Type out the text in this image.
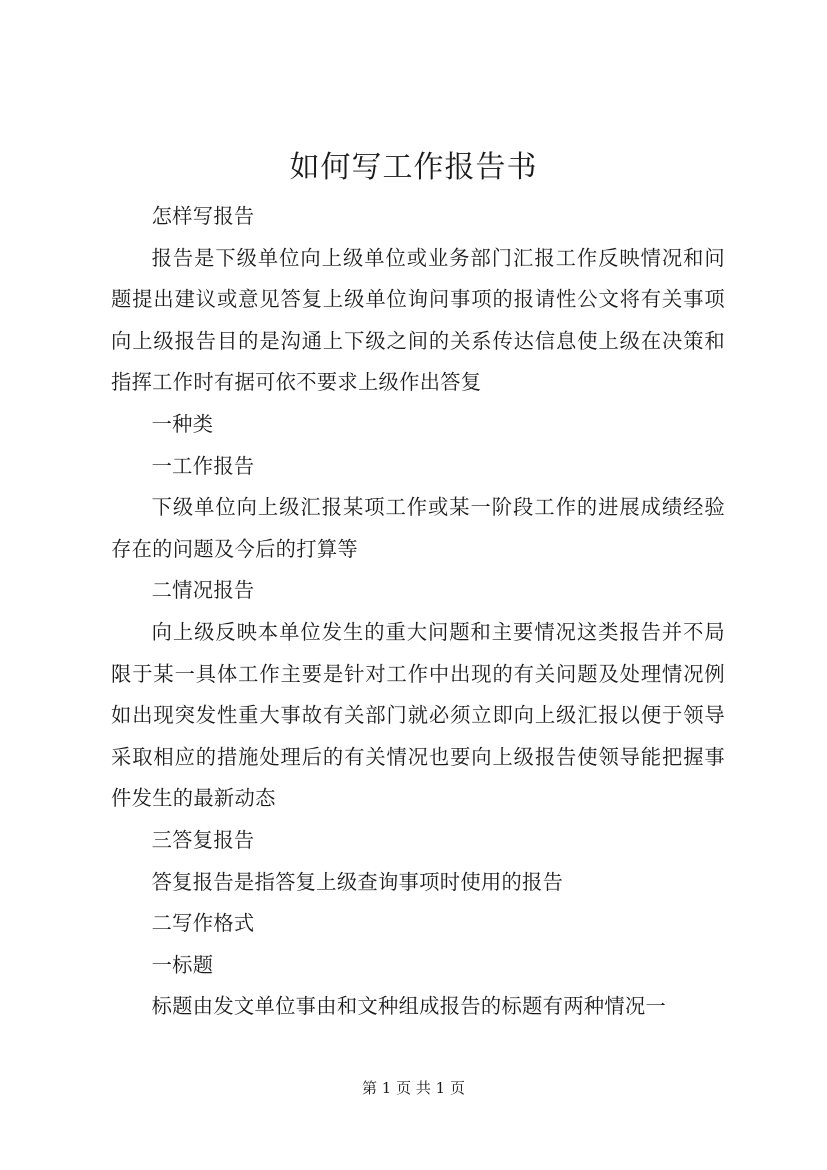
如何写工作报告书

怎样写报告

报告是下级单位向上级单位或业务部门汇报工作反映情况和问题提出建议或意见答复上级单位询问事项的报请性公文将有关事项向上级报告目的是沟通上下级之间的关系传达信息使上级在决策和指挥工作时有据可依不要求上级作出答复

一种类

一工作报告

下级单位向上级汇报某项工作或某一阶段工作的进展成绩经验存在的问题及今后的打算等

二情况报告

向上级反映本单位发生的重大问题和主要情况这类报告并不局限于某一具体工作主要是针对工作中出现的有关问题及处理情况例如出现突发性重大事故有关部门就必须立即向上级汇报以便于领导采取相应的措施处理后的有关情况也要向上级报告使领导能把握事件发生的最新动态

三答复报告

答复报告是指答复上级查询事项时使用的报告

二写作格式

一标题

标题由发文单位事由和文种组成报告的标题有两种情况一

第 1 页 共 1 页
